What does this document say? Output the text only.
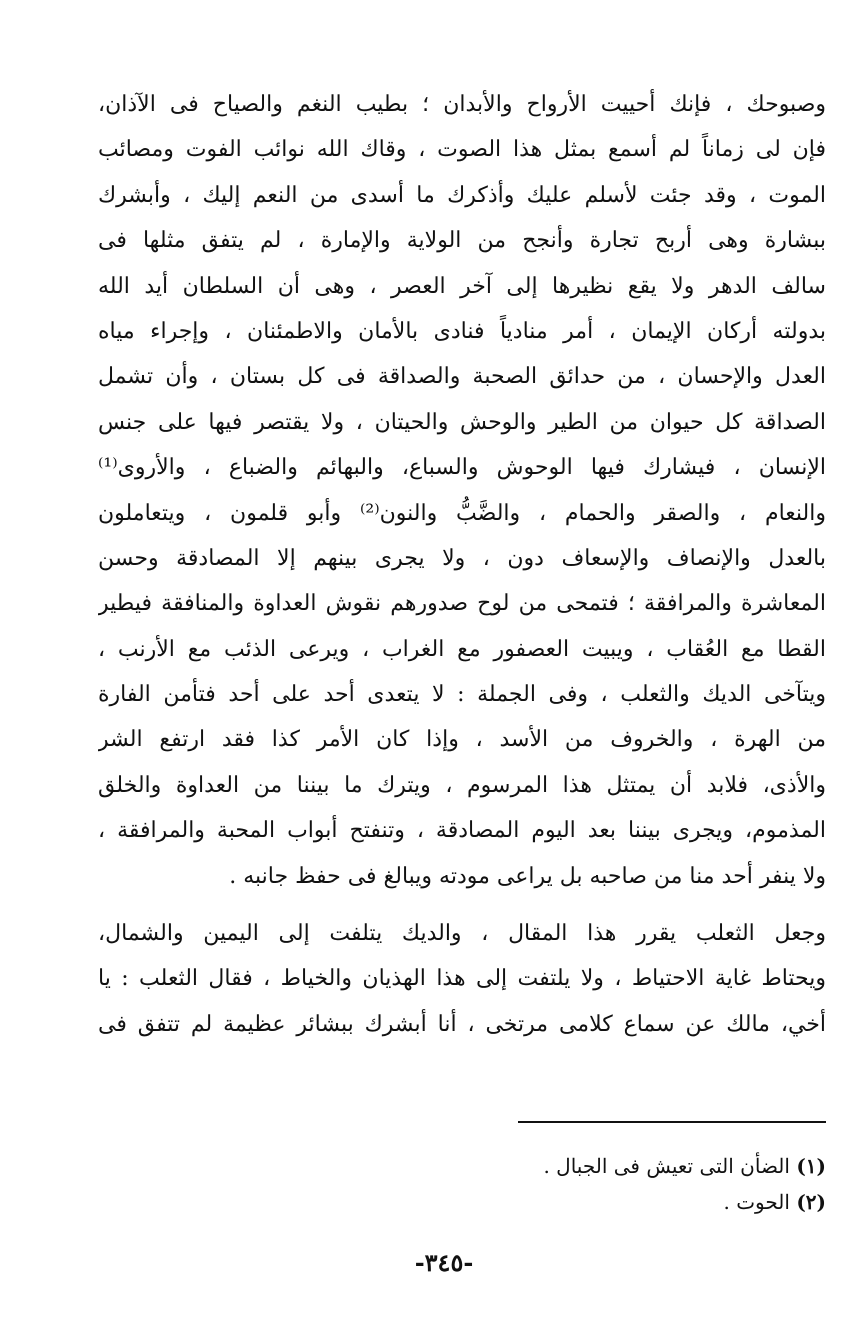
وصبوحك ، فإنك أحييت الأرواح والأبدان ؛ بطيب النغم والصياح فى الآذان،
فإن لى زماناً لم أسمع بمثل هذا الصوت ، وقاك الله نوائب الفوت ومصائب
الموت ، وقد جئت لأسلم عليك وأذكرك ما أسدى من النعم إليك ، وأبشرك
ببشارة وهى أربح تجارة وأنجح من الولاية والإمارة ، لم يتفق مثلها فى
سالف الدهر ولا يقع نظيرها إلى آخر العصر ، وهى أن السلطان أيد الله
بدولته أركان الإيمان ، أمر منادياً فنادى بالأمان والاطمئنان ، وإجراء مياه
العدل والإحسان ، من حدائق الصحبة والصداقة فى كل بستان ، وأن تشمل
الصداقة كل حيوان من الطير والوحش والحيتان ، ولا يقتصر فيها على جنس
الإنسان ، فيشارك فيها الوحوش والسباع، والبهائم والضباع ، والأروى⁽¹⁾
والنعام ، والصقر والحمام ، والضَّبُّ والنون⁽²⁾ وأبو قلمون ، ويتعاملون
بالعدل والإنصاف والإسعاف دون ، ولا يجرى بينهم إلا المصادقة وحسن
المعاشرة والمرافقة ؛ فتمحى من لوح صدورهم نقوش العداوة والمنافقة فيطير
القطا مع العُقاب ، ويبيت العصفور مع الغراب ، ويرعى الذئب مع الأرنب ،
ويتآخى الديك والثعلب ، وفى الجملة : لا يتعدى أحد على أحد فتأمن الفارة
من الهرة ، والخروف من الأسد ، وإذا كان الأمر كذا فقد ارتفع الشر
والأذى، فلابد أن يمتثل هذا المرسوم ، ويترك ما بيننا من العداوة والخلق
المذموم، ويجرى بيننا بعد اليوم المصادقة ، وتنفتح أبواب المحبة والمرافقة ،
ولا ينفر أحد منا من صاحبه بل يراعى مودته ويبالغ فى حفظ جانبه .
وجعل الثعلب يقرر هذا المقال ، والديك يتلفت إلى اليمين والشمال،
ويحتاط غاية الاحتياط ، ولا يلتفت إلى هذا الهذيان والخياط ، فقال الثعلب : يا
أخي، مالك عن سماع كلامى مرتخى ، أنا أبشرك ببشائر عظيمة لم تتفق فى
(١) الضأن التى تعيش فى الجبال .
(٢) الحوت .
-٣٤٥-
